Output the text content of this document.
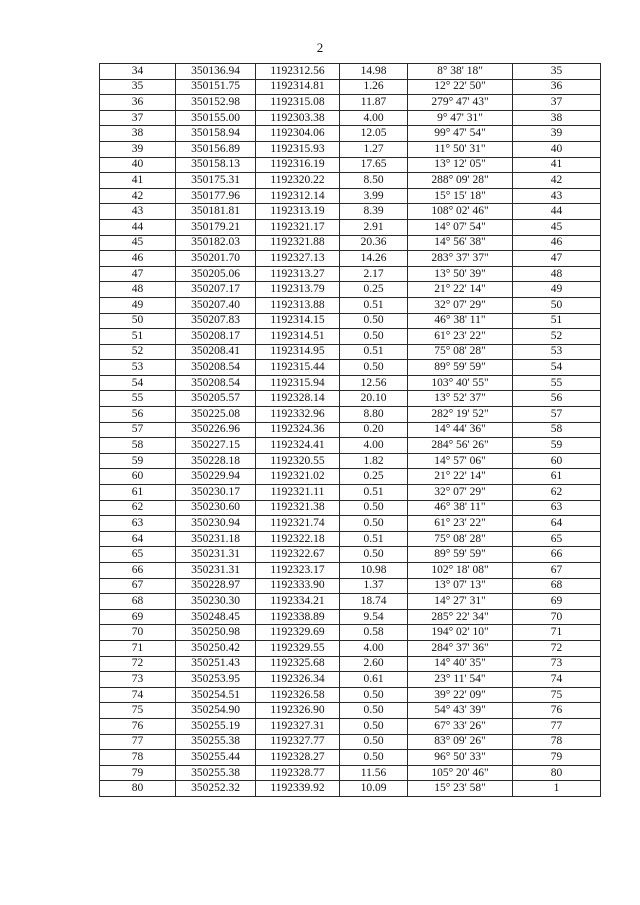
2
34	350136.94	1192312.56	14.98	8° 38' 18"	35
35	350151.75	1192314.81	1.26	12° 22' 50"	36
36	350152.98	1192315.08	11.87	279° 47' 43"	37
37	350155.00	1192303.38	4.00	9° 47' 31"	38
38	350158.94	1192304.06	12.05	99° 47' 54"	39
39	350156.89	1192315.93	1.27	11° 50' 31"	40
40	350158.13	1192316.19	17.65	13° 12' 05"	41
41	350175.31	1192320.22	8.50	288° 09' 28"	42
42	350177.96	1192312.14	3.99	15° 15' 18"	43
43	350181.81	1192313.19	8.39	108° 02' 46"	44
44	350179.21	1192321.17	2.91	14° 07' 54"	45
45	350182.03	1192321.88	20.36	14° 56' 38"	46
46	350201.70	1192327.13	14.26	283° 37' 37"	47
47	350205.06	1192313.27	2.17	13° 50' 39"	48
48	350207.17	1192313.79	0.25	21° 22' 14"	49
49	350207.40	1192313.88	0.51	32° 07' 29"	50
50	350207.83	1192314.15	0.50	46° 38' 11"	51
51	350208.17	1192314.51	0.50	61° 23' 22"	52
52	350208.41	1192314.95	0.51	75° 08' 28"	53
53	350208.54	1192315.44	0.50	89° 59' 59"	54
54	350208.54	1192315.94	12.56	103° 40' 55"	55
55	350205.57	1192328.14	20.10	13° 52' 37"	56
56	350225.08	1192332.96	8.80	282° 19' 52"	57
57	350226.96	1192324.36	0.20	14° 44' 36"	58
58	350227.15	1192324.41	4.00	284° 56' 26"	59
59	350228.18	1192320.55	1.82	14° 57' 06"	60
60	350229.94	1192321.02	0.25	21° 22' 14"	61
61	350230.17	1192321.11	0.51	32° 07' 29"	62
62	350230.60	1192321.38	0.50	46° 38' 11"	63
63	350230.94	1192321.74	0.50	61° 23' 22"	64
64	350231.18	1192322.18	0.51	75° 08' 28"	65
65	350231.31	1192322.67	0.50	89° 59' 59"	66
66	350231.31	1192323.17	10.98	102° 18' 08"	67
67	350228.97	1192333.90	1.37	13° 07' 13"	68
68	350230.30	1192334.21	18.74	14° 27' 31"	69
69	350248.45	1192338.89	9.54	285° 22' 34"	70
70	350250.98	1192329.69	0.58	194° 02' 10"	71
71	350250.42	1192329.55	4.00	284° 37' 36"	72
72	350251.43	1192325.68	2.60	14° 40' 35"	73
73	350253.95	1192326.34	0.61	23° 11' 54"	74
74	350254.51	1192326.58	0.50	39° 22' 09"	75
75	350254.90	1192326.90	0.50	54° 43' 39"	76
76	350255.19	1192327.31	0.50	67° 33' 26"	77
77	350255.38	1192327.77	0.50	83° 09' 26"	78
78	350255.44	1192328.27	0.50	96° 50' 33"	79
79	350255.38	1192328.77	11.56	105° 20' 46"	80
80	350252.32	1192339.92	10.09	15° 23' 58"	1
